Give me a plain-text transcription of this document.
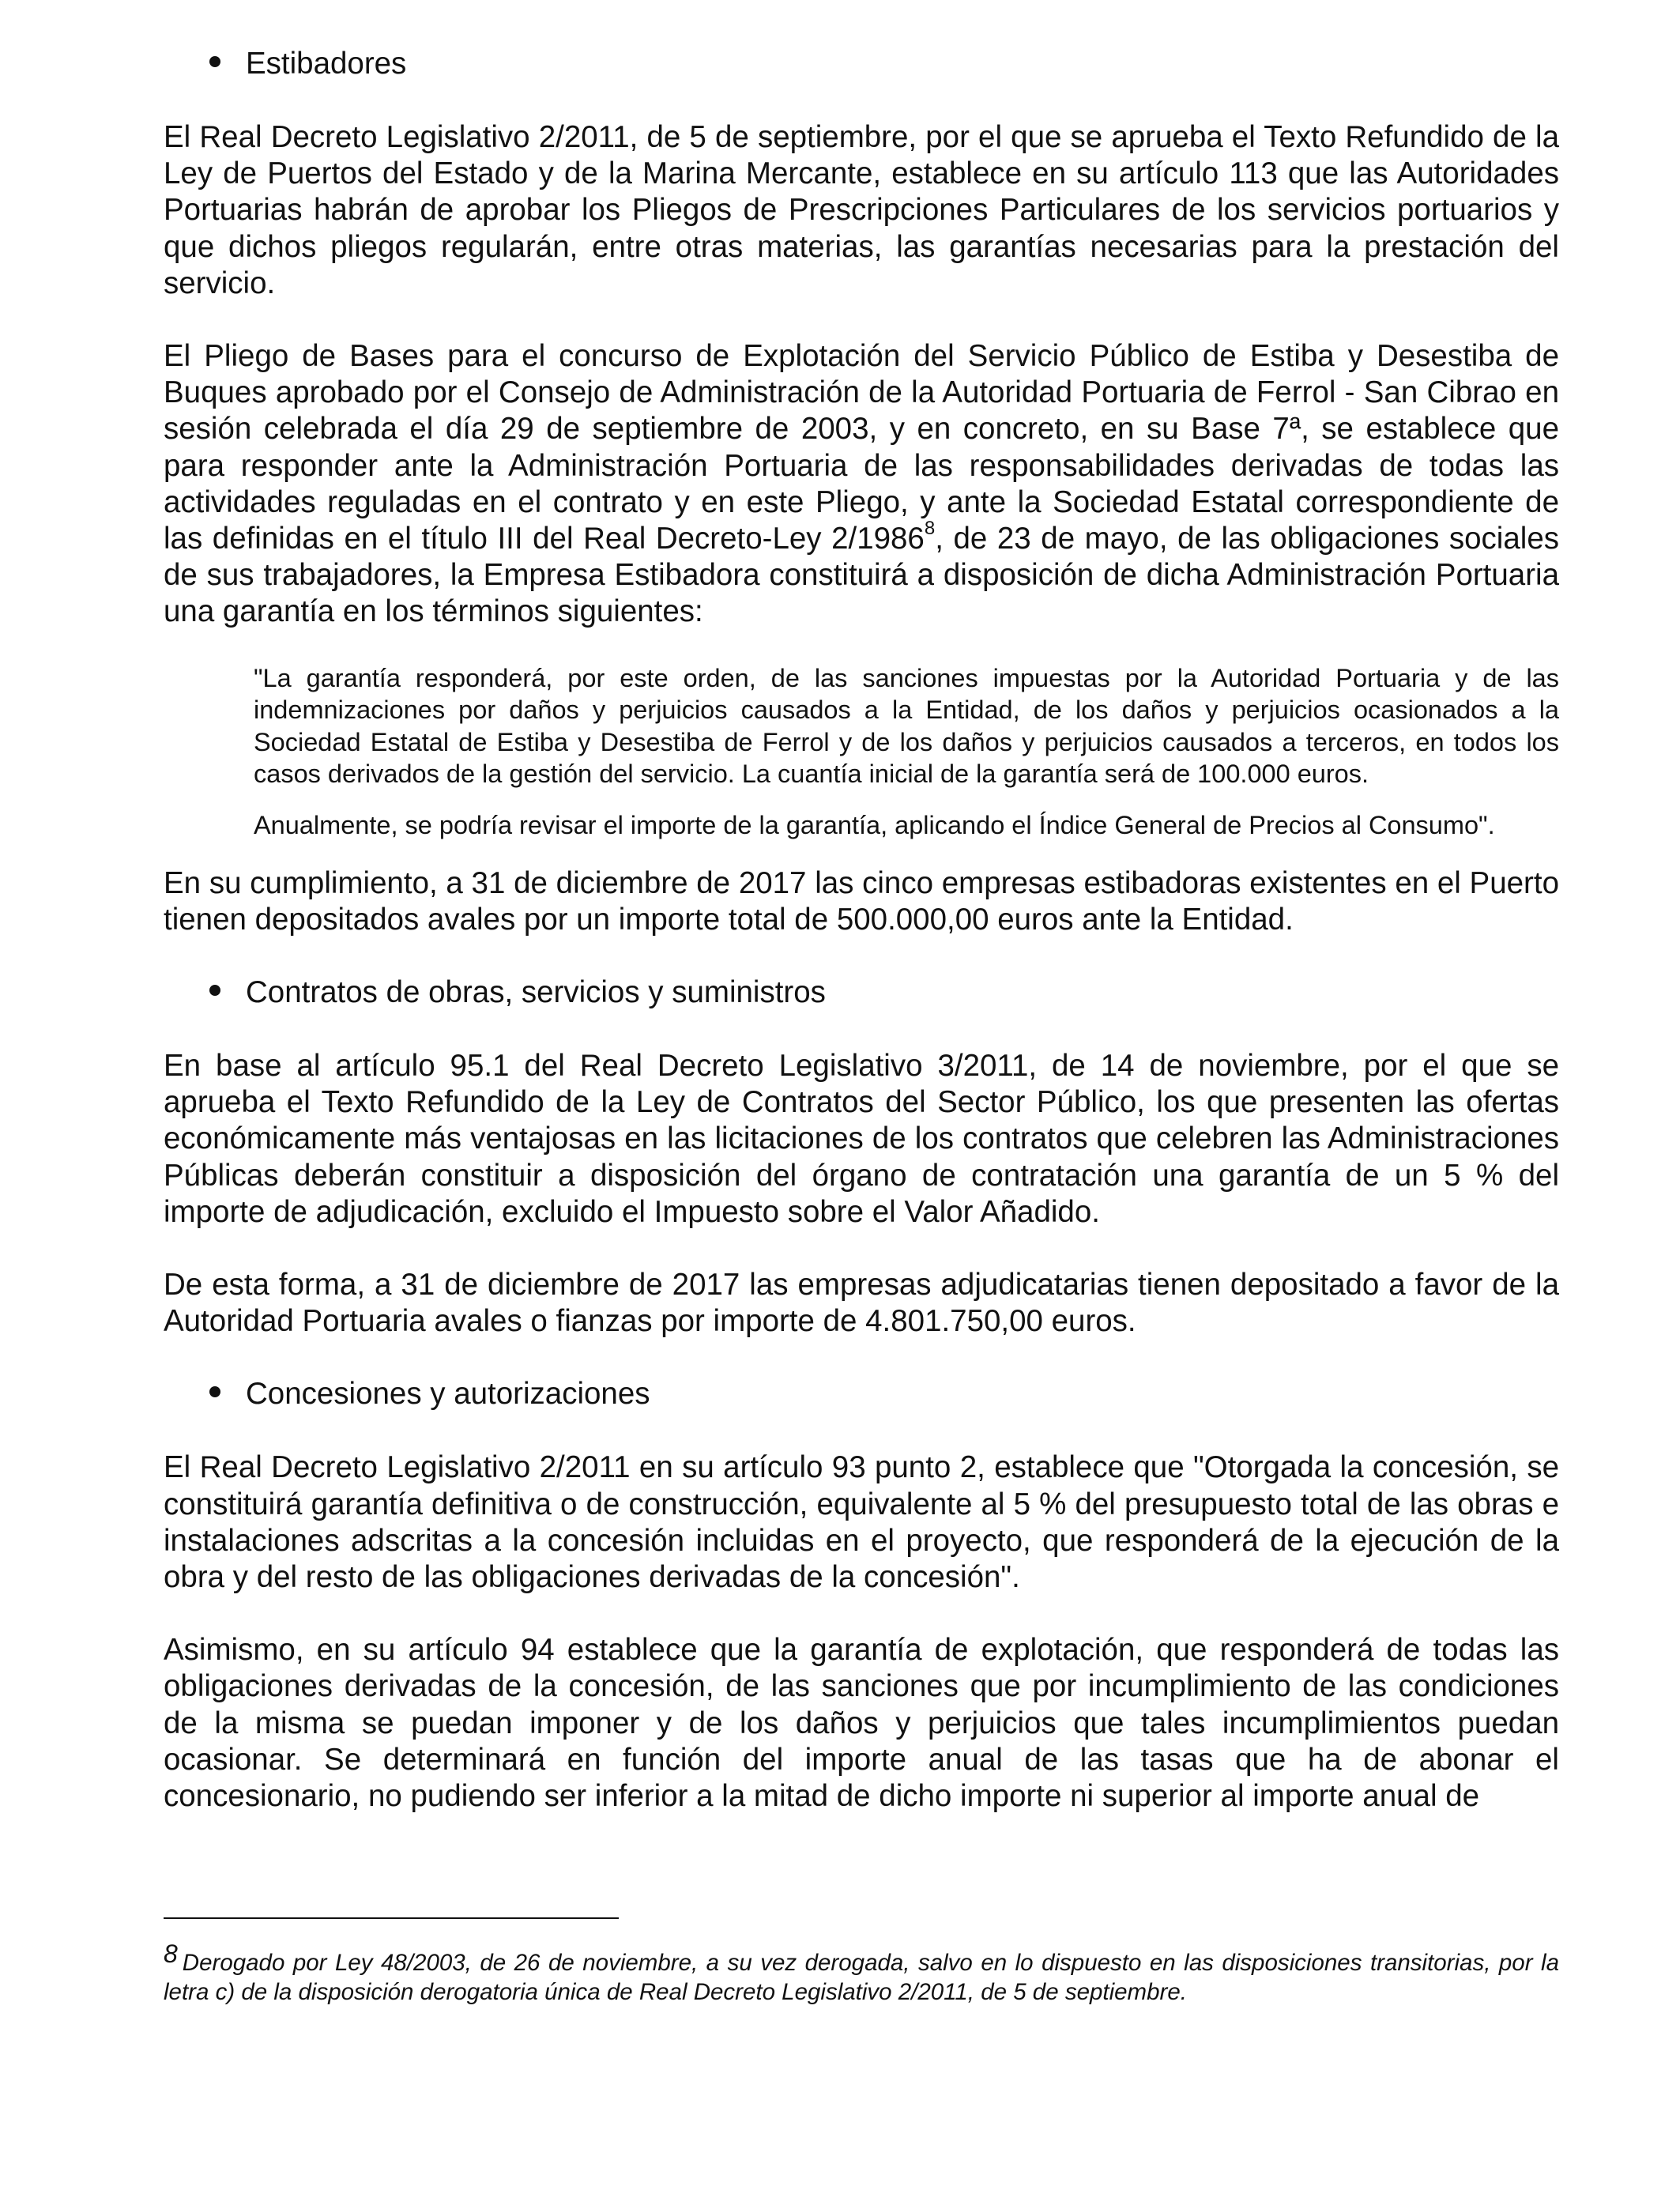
Estibadores

El Real Decreto Legislativo 2/2011, de 5 de septiembre, por el que se aprueba el Texto Refundido de la Ley de Puertos del Estado y de la Marina Mercante, establece en su artículo 113 que las Autoridades Portuarias habrán de aprobar los Pliegos de Prescripciones Particulares de los servicios portuarios y que dichos pliegos regularán, entre otras materias, las garantías necesarias para la prestación del servicio.

El Pliego de Bases para el concurso de Explotación del Servicio Público de Estiba y Desestiba de Buques aprobado por el Consejo de Administración de la Autoridad Portuaria de Ferrol - San Cibrao en sesión celebrada el día 29 de septiembre de 2003, y en concreto, en su Base 7ª, se establece que para responder ante la Administración Portuaria de las responsabilidades derivadas de todas las actividades reguladas en el contrato y en este Pliego, y ante la Sociedad Estatal correspondiente de las definidas en el título III del Real Decreto-Ley 2/1986$^8$, de 23 de mayo, de las obligaciones sociales de sus trabajadores, la Empresa Estibadora constituirá a disposición de dicha Administración Portuaria una garantía en los términos siguientes:

"La garantía responderá, por este orden, de las sanciones impuestas por la Autoridad Portuaria y de las indemnizaciones por daños y perjuicios causados a la Entidad, de los daños y perjuicios ocasionados a la Sociedad Estatal de Estiba y Desestiba de Ferrol y de los daños y perjuicios causados a terceros, en todos los casos derivados de la gestión del servicio. La cuantía inicial de la garantía será de 100.000 euros.

Anualmente, se podría revisar el importe de la garantía, aplicando el Índice General de Precios al Consumo".

En su cumplimiento, a 31 de diciembre de 2017 las cinco empresas estibadoras existentes en el Puerto tienen depositados avales por un importe total de 500.000,00 euros ante la Entidad.

Contratos de obras, servicios y suministros

En base al artículo 95.1 del Real Decreto Legislativo 3/2011, de 14 de noviembre, por el que se aprueba el Texto Refundido de la Ley de Contratos del Sector Público, los que presenten las ofertas económicamente más ventajosas en las licitaciones de los contratos que celebren las Administraciones Públicas deberán constituir a disposición del órgano de contratación una garantía de un 5 % del importe de adjudicación, excluido el Impuesto sobre el Valor Añadido.

De esta forma, a 31 de diciembre de 2017 las empresas adjudicatarias tienen depositado a favor de la Autoridad Portuaria avales o fianzas por importe de 4.801.750,00 euros.

Concesiones y autorizaciones

El Real Decreto Legislativo 2/2011 en su artículo 93 punto 2, establece que "Otorgada la concesión, se constituirá garantía definitiva o de construcción, equivalente al 5 % del presupuesto total de las obras e instalaciones adscritas a la concesión incluidas en el proyecto, que responderá de la ejecución de la obra y del resto de las obligaciones derivadas de la concesión".

Asimismo, en su artículo 94 establece que la garantía de explotación, que responderá de todas las obligaciones derivadas de la concesión, de las sanciones que por incumplimiento de las condiciones de la misma se puedan imponer y de los daños y perjuicios que tales incumplimientos puedan ocasionar. Se determinará en función del importe anual de las tasas que ha de abonar el concesionario, no pudiendo ser inferior a la mitad de dicho importe ni superior al importe anual de

8 Derogado por Ley 48/2003, de 26 de noviembre, a su vez derogada, salvo en lo dispuesto en las disposiciones transitorias, por la letra c) de la disposición derogatoria única de Real Decreto Legislativo 2/2011, de 5 de septiembre.
